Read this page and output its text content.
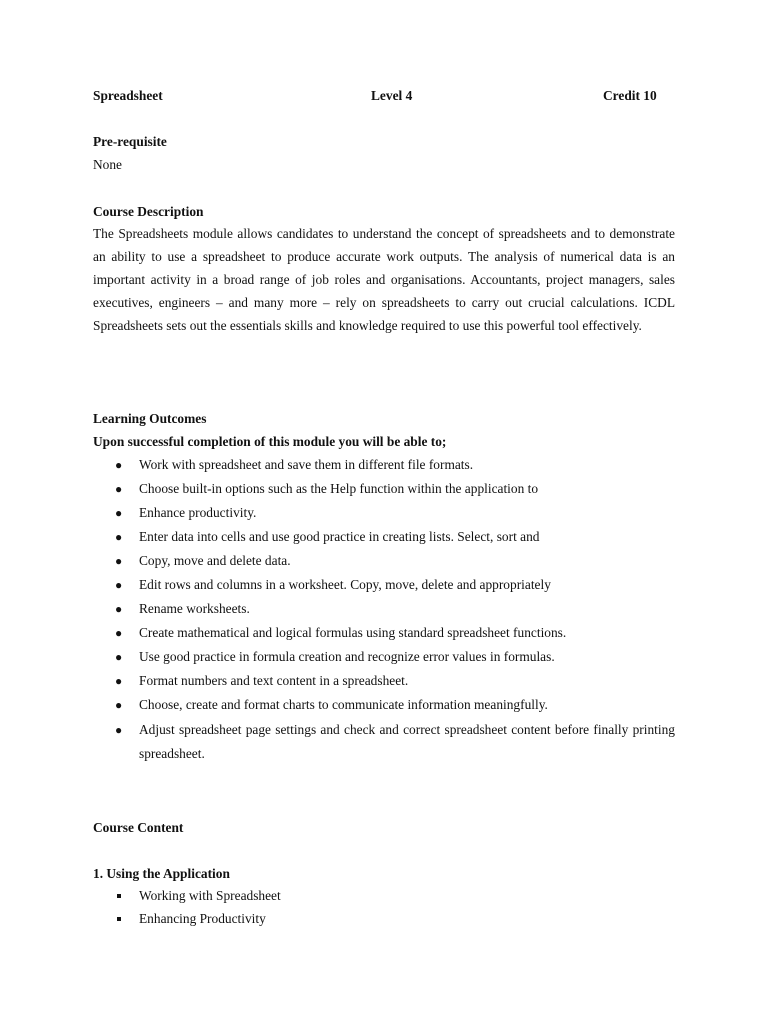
Spreadsheet	Level 4	Credit 10
Pre-requisite
None
Course Description

The Spreadsheets module allows candidates to understand the concept of spreadsheets and to demonstrate an ability to use a spreadsheet to produce accurate work outputs. The analysis of numerical data is an important activity in a broad range of job roles and organisations. Accountants, project managers, sales executives, engineers – and many more – rely on spreadsheets to carry out crucial calculations. ICDL Spreadsheets sets out the essentials skills and knowledge required to use this powerful tool effectively.

Learning Outcomes
Upon successful completion of this module you will be able to;
● Work with spreadsheet and save them in different file formats.
● Choose built-in options such as the Help function within the application to
● Enhance productivity.
● Enter data into cells and use good practice in creating lists. Select, sort and
● Copy, move and delete data.
● Edit rows and columns in a worksheet. Copy, move, delete and appropriately
● Rename worksheets.
● Create mathematical and logical formulas using standard spreadsheet functions.
● Use good practice in formula creation and recognize error values in formulas.
● Format numbers and text content in a spreadsheet.
● Choose, create and format charts to communicate information meaningfully.
● Adjust spreadsheet page settings and check and correct spreadsheet content before finally printing spreadsheet.
Course Content
1. Using the Application
Working with Spreadsheet
Enhancing Productivity
